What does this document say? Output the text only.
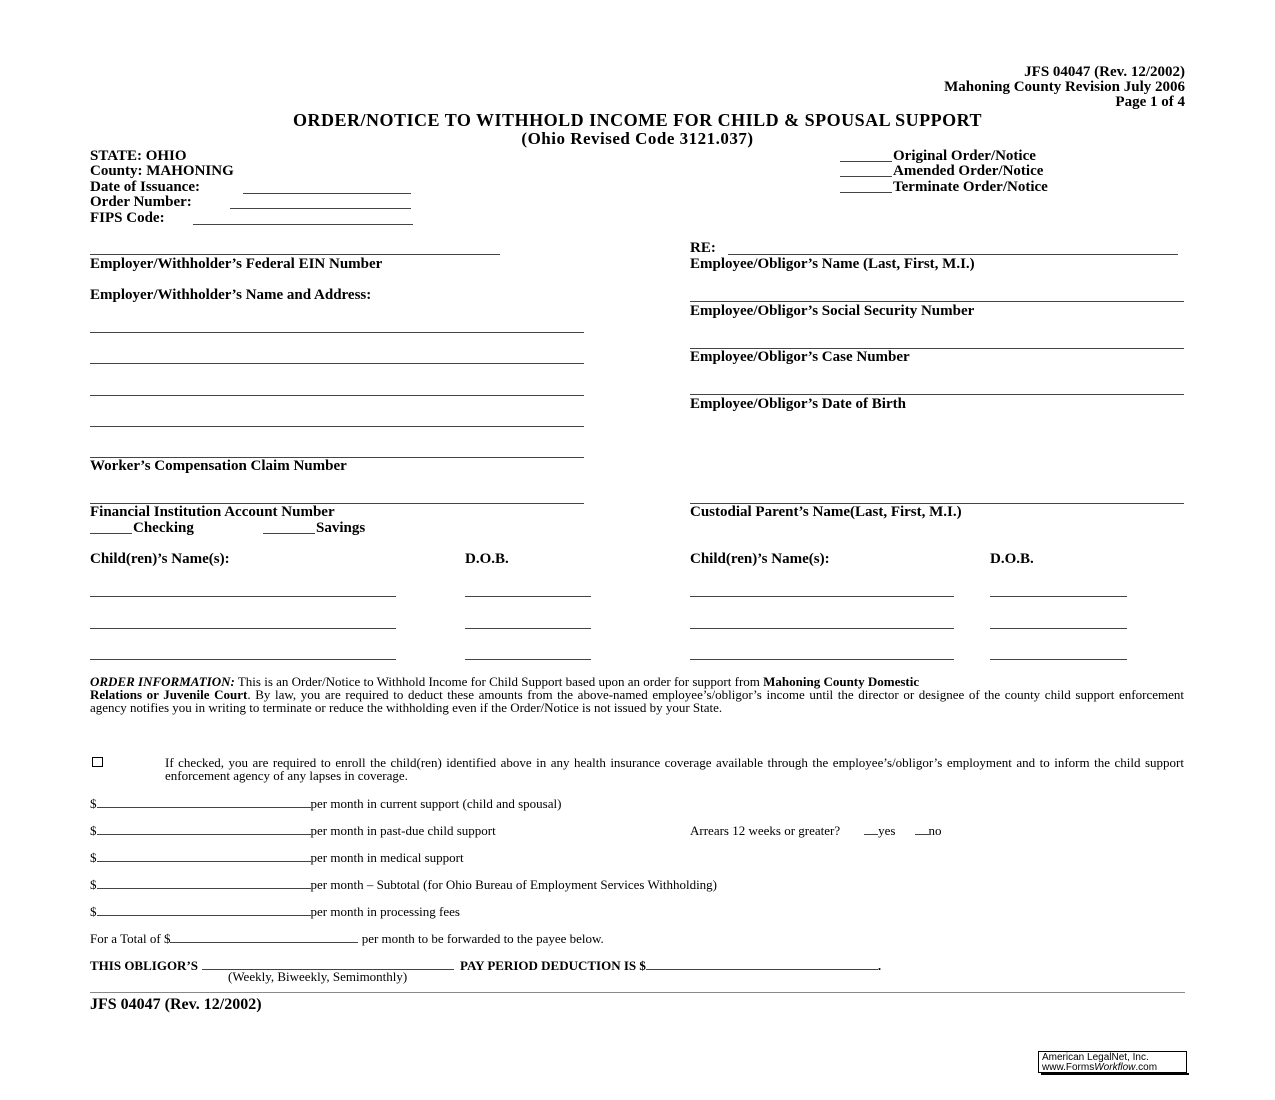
JFS 04047 (Rev. 12/2002)
Mahoning County Revision July 2006
Page 1 of 4
ORDER/NOTICE TO WITHHOLD INCOME FOR CHILD & SPOUSAL SUPPORT
(Ohio Revised Code 3121.037)
STATE: OHIO
County: MAHONING
Date of Issuance:
Order Number:
FIPS Code:
Original Order/Notice
Amended Order/Notice
Terminate Order/Notice
Employer/Withholder’s Federal EIN Number
Employer/Withholder’s Name and Address:
Worker’s Compensation Claim Number
Financial Institution Account Number
Checking	Savings
RE:
Employee/Obligor’s Name (Last, First, M.I.)
Employee/Obligor’s Social Security Number
Employee/Obligor’s Case Number
Employee/Obligor’s Date of Birth
Custodial Parent’s Name(Last, First, M.I.)
Child(ren)’s Name(s):	D.O.B.	Child(ren)’s Name(s):	D.O.B.
ORDER INFORMATION: This is an Order/Notice to Withhold Income for Child Support based upon an order for support from Mahoning County Domestic
Relations or Juvenile Court. By law, you are required to deduct these amounts from the above-named employee’s/obligor’s income until the director or designee of the county child support enforcement agency notifies you in writing to terminate or reduce the withholding even if the Order/Notice is not issued by your State.
If checked, you are required to enroll the child(ren) identified above in any health insurance coverage available through the employee’s/obligor’s employment and to inform the child support enforcement agency of any lapses in coverage.
$	per month in current support (child and spousal)
$	per month in past-due child support	Arrears 12 weeks or greater?	yes	no
$	per month in medical support
$	per month – Subtotal (for Ohio Bureau of Employment Services Withholding)
$	per month in processing fees
For a Total of $	per month to be forwarded to the payee below.
THIS OBLIGOR’S	PAY PERIOD DEDUCTION IS $	.
(Weekly, Biweekly, Semimonthly)
JFS 04047 (Rev. 12/2002)
American LegalNet, Inc.
www.FormsWorkflow.com
